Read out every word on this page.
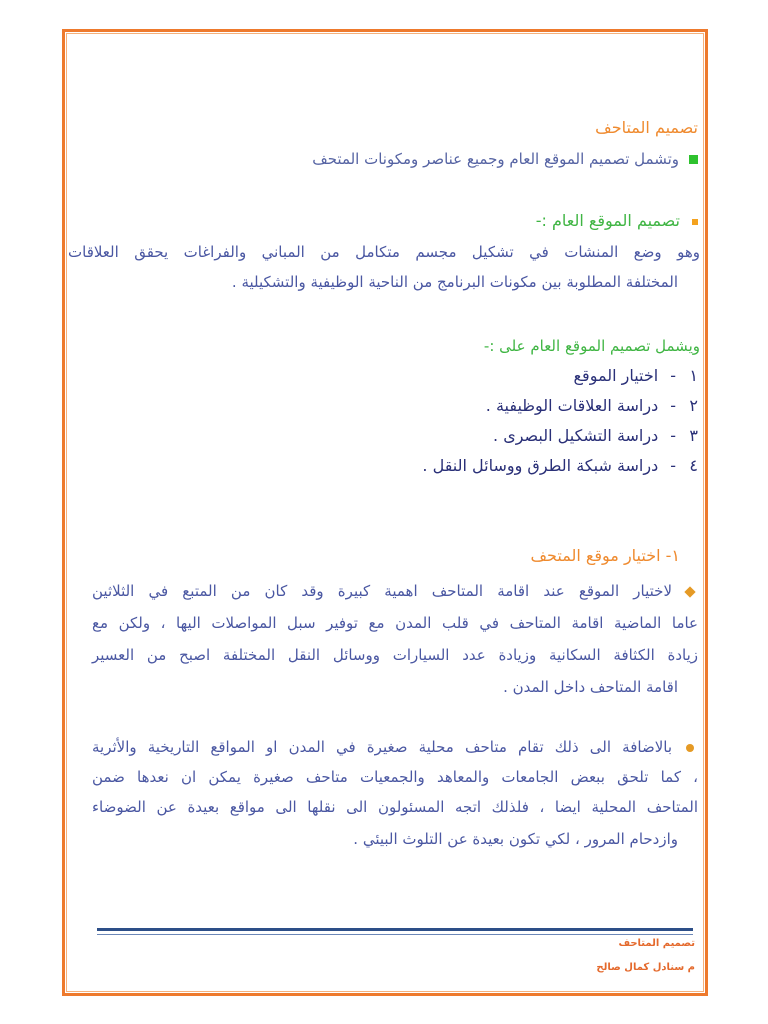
تصميم المتاحف
وتشمل تصميم الموقع العام وجميع عناصر ومكونات المتحف
تصميم الموقع العام :-
وهو وضع المنشات في تشكيل مجسم متكامل من المباني والفراغات يحقق العلاقات
المختلفة المطلوبة بين مكونات البرنامج من الناحية الوظيفية والتشكيلية .
ويشمل تصميم الموقع العام على :-
١-اختيار الموقع
٢-دراسة العلاقات الوظيفية .
٣-دراسة التشكيل البصرى .
٤-دراسة شبكة الطرق ووسائل النقل .
١- اختيار موقع المتحف
لاختيار الموقع عند اقامة المتاحف اهمية كبيرة وقد كان من المتبع في الثلاثين
عاما الماضية اقامة المتاحف في قلب المدن مع توفير سبل المواصلات اليها ، ولكن مع
زيادة الكثافة السكانية وزيادة عدد السيارات ووسائل النقل المختلفة اصبح من العسير
اقامة المتاحف داخل المدن .
بالاضافة الى ذلك تقام متاحف محلية صغيرة في المدن او المواقع التاريخية والأثرية
، كما تلحق ببعض الجامعات والمعاهد والجمعيات متاحف صغيرة يمكن ان نعدها ضمن
المتاحف المحلية ايضا ، فلذلك اتجه المسئولون الى نقلها الى مواقع بعيدة عن الضوضاء
وازدحام المرور ، لكي تكون بعيدة عن التلوث البيئي .
تصميم المتاحف
م سنادل كمال صالح
